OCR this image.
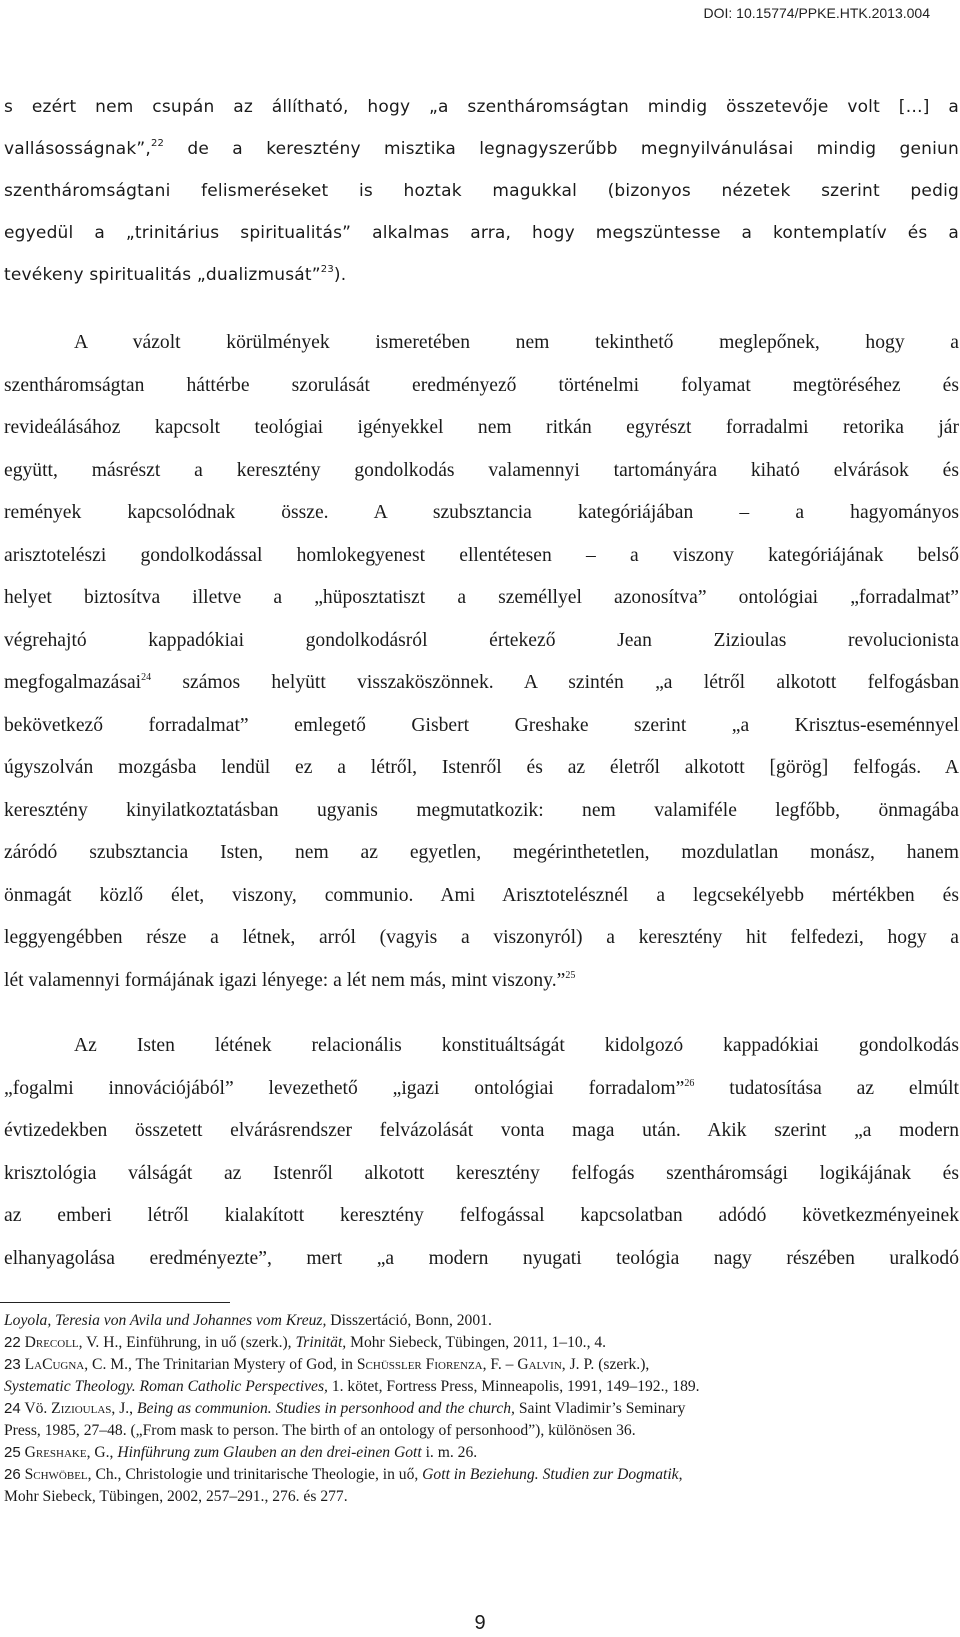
DOI: 10.15774/PPKE.HTK.2013.004
s ezért nem csupán az állítható, hogy „a szentháromságtan mindig összetevője volt […] a
vallásosságnak”,$^{22}$ de a keresztény misztika legnagyszerűbb megnyilvánulásai mindig geniun
szentháromságtani felismeréseket is hoztak magukkal (bizonyos nézetek szerint pedig
egyedül a „trinitárius spiritualitás” alkalmas arra, hogy megszüntesse a kontemplatív és a
tevékeny spiritualitás „dualizmusát”$^{23}$).
A vázolt körülmények ismeretében nem tekinthető meglepőnek, hogy a
szentháromságtan háttérbe szorulását eredményező történelmi folyamat megtöréséhez és
revideálásához kapcsolt teológiai igényekkel nem ritkán egyrészt forradalmi retorika jár
együtt, másrészt a keresztény gondolkodás valamennyi tartományára kiható elvárások és
remények kapcsolódnak össze. A szubsztancia kategóriájában – a hagyományos
arisztotelészi gondolkodással homlokegyenest ellentétesen – a viszony kategóriájának belső
helyet biztosítva illetve a „hüposztatiszt a személlyel azonosítva” ontológiai „forradalmat”
végrehajtó kappadókiai gondolkodásról értekező Jean Zizioulas revolucionista
megfogalmazásai$^{24}$ számos helyütt visszaköszönnek. A szintén „a létről alkotott felfogásban
bekövetkező forradalmat” emlegető Gisbert Greshake szerint „a Krisztus-eseménnyel
úgyszolván mozgásba lendül ez a létről, Istenről és az életről alkotott [görög] felfogás. A
keresztény kinyilatkoztatásban ugyanis megmutatkozik: nem valamiféle legfőbb, önmagába
záródó szubsztancia Isten, nem az egyetlen, megérinthetetlen, mozdulatlan monász, hanem
önmagát közlő élet, viszony, communio. Ami Arisztotelésznél a legcsekélyebb mértékben és
leggyengébben része a létnek, arról (vagyis a viszonyról) a keresztény hit felfedezi, hogy a
lét valamennyi formájának igazi lényege: a lét nem más, mint viszony.”$^{25}$
Az Isten létének relacionális konstituáltságát kidolgozó kappadókiai gondolkodás
„fogalmi innovációjából” levezethető „igazi ontológiai forradalom”$^{26}$ tudatosítása az elmúlt
évtizedekben összetett elvárásrendszer felvázolását vonta maga után. Akik szerint „a modern
krisztológia válságát az Istenről alkotott keresztény felfogás szentháromsági logikájának és
az emberi létről kialakított keresztény felfogással kapcsolatban adódó következményeinek
elhanyagolása eredményezte”, mert „a modern nyugati teológia nagy részében uralkodó
Loyola, Teresia von Avila und Johannes vom Kreuz, Disszertáció, Bonn, 2001.
22 Drecoll, V. H., Einführung, in uő (szerk.), Trinität, Mohr Siebeck, Tübingen, 2011, 1–10., 4.
23 LaCugna, C. M., The Trinitarian Mystery of God, in Schüssler Fiorenza, F. – Galvin, J. P. (szerk.),
Systematic Theology. Roman Catholic Perspectives, 1. kötet, Fortress Press, Minneapolis, 1991, 149–192., 189.
24 Vö. Zizioulas, J., Being as communion. Studies in personhood and the church, Saint Vladimir’s Seminary
Press, 1985, 27–48. („From mask to person. The birth of an ontology of personhood”), különösen 36.
25 Greshake, G., Hinführung zum Glauben an den drei-einen Gott i. m. 26.
26 Schwöbel, Ch., Christologie und trinitarische Theologie, in uő, Gott in Beziehung. Studien zur Dogmatik,
Mohr Siebeck, Tübingen, 2002, 257–291., 276. és 277.
9
